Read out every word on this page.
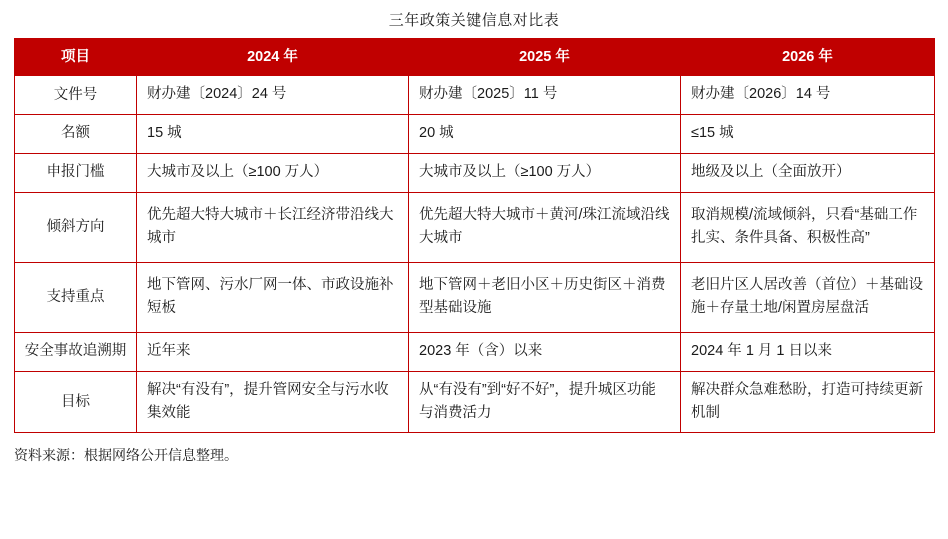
三年政策关键信息对比表
项目	2024 年	2025 年	2026 年
文件号	财办建〔2024〕24 号	财办建〔2025〕11 号	财办建〔2026〕14 号
名额	15 城	20 城	≤15 城
申报门槛	大城市及以上（≥100 万人）	大城市及以上（≥100 万人）	地级及以上（全面放开）
倾斜方向	优先超大特大城市＋长江经济带沿线大城市	优先超大特大城市＋黄河/珠江流域沿线大城市	取消规模/流域倾斜，只看“基础工作扎实、条件具备、积极性高”
支持重点	地下管网、污水厂网一体、市政设施补短板	地下管网＋老旧小区＋历史街区＋消费型基础设施	老旧片区人居改善（首位）＋基础设施＋存量土地/闲置房屋盘活
安全事故追溯期	近年来	2023 年（含）以来	2024 年 1 月 1 日以来
目标	解决“有没有”，提升管网安全与污水收集效能	从“有没有”到“好不好”，提升城区功能与消费活力	解决群众急难愁盼，打造可持续更新机制
资料来源：根据网络公开信息整理。
